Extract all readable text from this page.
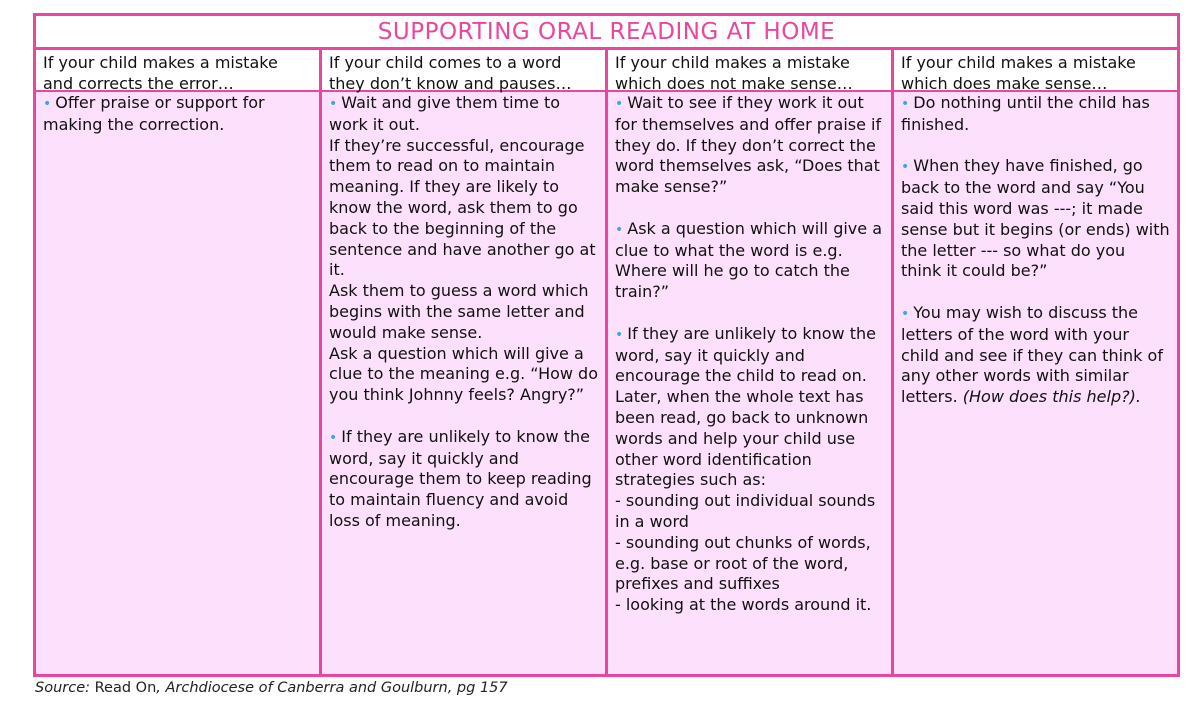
SUPPORTING ORAL READING AT HOME
If your child makes a mistake and corrects the error…

• Offer praise or support for making the correction.

If your child comes to a word they don’t know and pauses…

• Wait and give them time to work it out.

If they’re successful, encourage them to read on to maintain meaning. If they are likely to know the word, ask them to go back to the beginning of the sentence and have another go at it.

Ask them to guess a word which begins with the same letter and would make sense.

Ask a question which will give a clue to the meaning e.g. “How do you think Johnny feels? Angry?”

• If they are unlikely to know the word, say it quickly and encourage them to keep reading to maintain fluency and avoid loss of meaning.

If your child makes a mistake which does not make sense…

• Wait to see if they work it out for themselves and offer praise if they do. If they don’t correct the word themselves ask, “Does that make sense?”

• Ask a question which will give a clue to what the word is e.g. Where will he go to catch the train?”

• If they are unlikely to know the word, say it quickly and encourage the child to read on. Later, when the whole text has been read, go back to unknown words and help your child use other word identification strategies such as:

- sounding out individual sounds in a word

- sounding out chunks of words, e.g. base or root of the word, prefixes and suffixes

- looking at the words around it.

If your child makes a mistake which does make sense…

• Do nothing until the child has finished.

• When they have finished, go back to the word and say “You said this word was ---; it made sense but it begins (or ends) with the letter --- so what do you think it could be?”

• You may wish to discuss the letters of the word with your child and see if they can think of any other words with similar letters. (How does this help?).

Source: Read On, Archdiocese of Canberra and Goulburn, pg 157
